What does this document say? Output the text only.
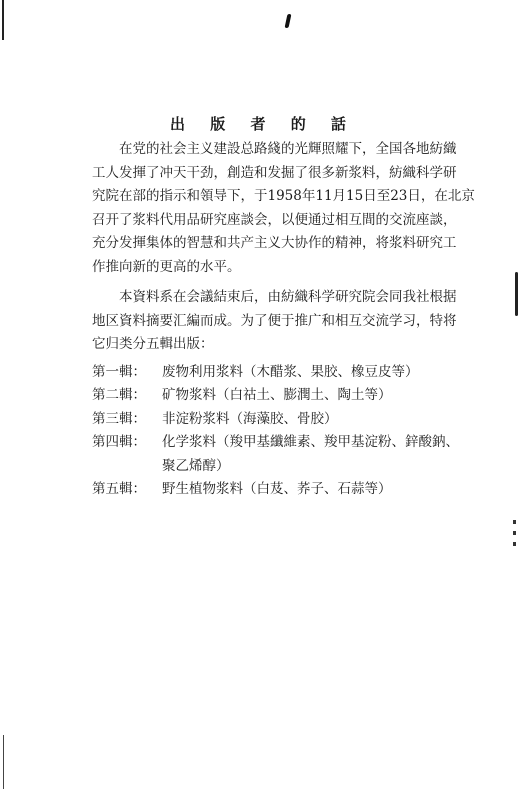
出 版 者 的 話

在党的社会主义建設总路綫的光輝照耀下，全国各地紡織
工人发揮了冲天干劲，創造和发掘了很多新浆料，紡織科学研
究院在部的指示和領导下，于1958年11月15日至23日，在北京
召开了浆料代用品研究座談会，以便通过相互間的交流座談，
充分发揮集体的智慧和共产主义大协作的精神，将浆料研究工
作推向新的更高的水平。

本資料系在会議結束后，由紡織科学研究院会同我社根据
地区資料摘要汇編而成。为了便于推广和相互交流学习，特将
它归类分五輯出版：

第一輯：	废物利用浆料（木醋浆、果胶、橡豆皮等）
第二輯：	矿物浆料（白祜土、膨潤土、陶土等）
第三輯：	非淀粉浆料（海藻胶、骨胶）
第四輯：	化学浆料（羧甲基纖維素、羧甲基淀粉、鋅酸鈉、
聚乙烯醇）
第五輯：	野生植物浆料（白芨、荞子、石蒜等）
